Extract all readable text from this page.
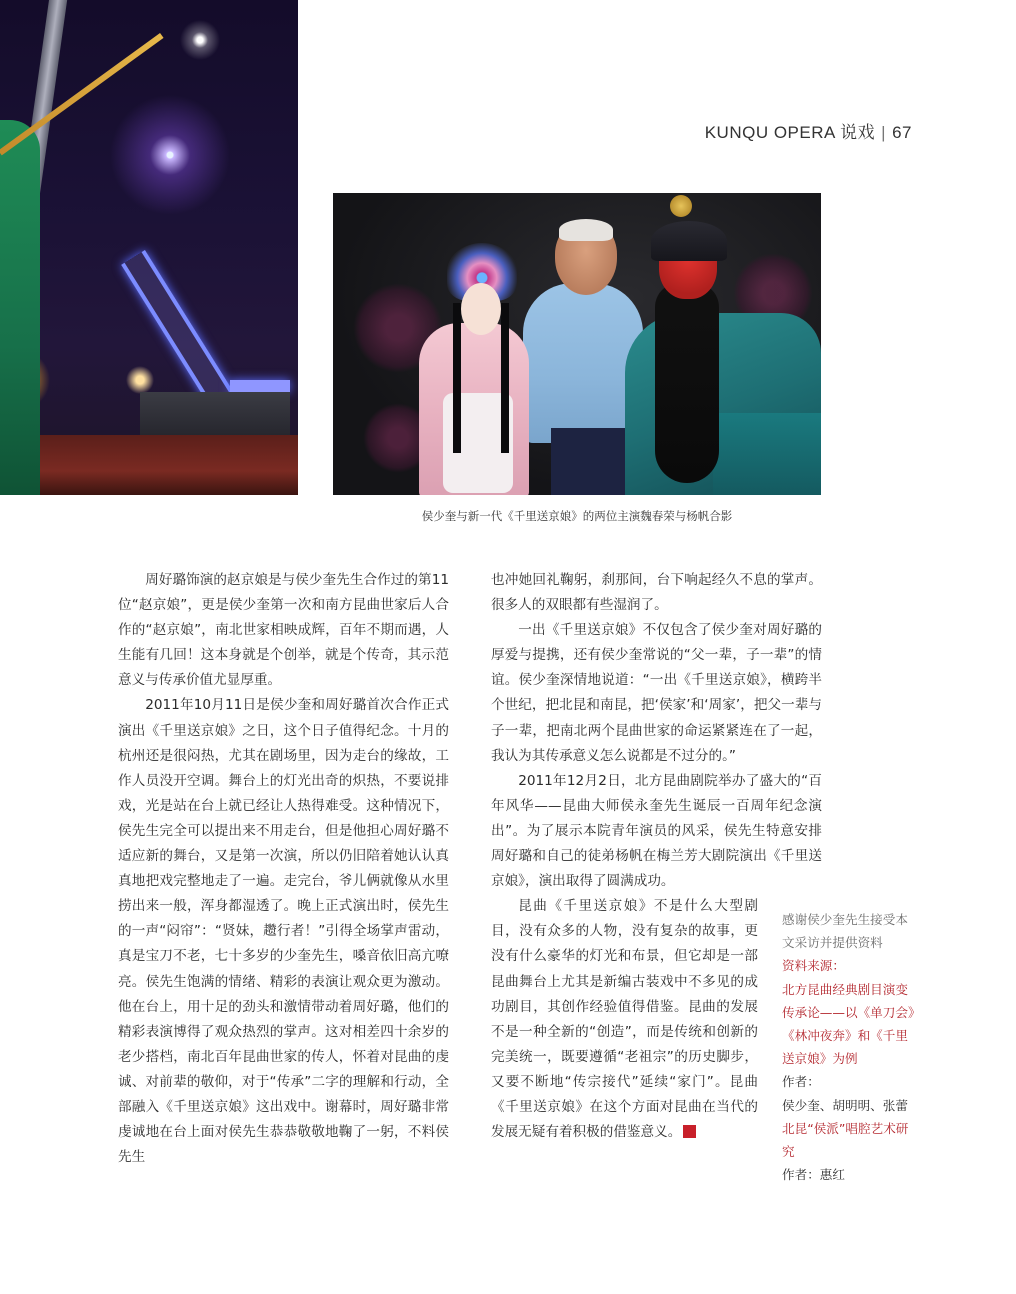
KUNQU OPERA 说戏 | 67
侯少奎与新一代《千里送京娘》的两位主演魏春荣与杨帆合影

周好璐饰演的赵京娘是与侯少奎先生合作过的第11位“赵京娘”，更是侯少奎第一次和南方昆曲世家后人合作的“赵京娘”，南北世家相映成辉，百年不期而遇，人生能有几回！这本身就是个创举，就是个传奇，其示范意义与传承价值尤显厚重。

2011年10月11日是侯少奎和周好璐首次合作正式演出《千里送京娘》之日，这个日子值得纪念。十月的杭州还是很闷热，尤其在剧场里，因为走台的缘故，工作人员没开空调。舞台上的灯光出奇的炽热，不要说排戏，光是站在台上就已经让人热得难受。这种情况下，侯先生完全可以提出来不用走台，但是他担心周好璐不适应新的舞台，又是第一次演，所以仍旧陪着她认认真真地把戏完整地走了一遍。走完台，爷儿俩就像从水里捞出来一般，浑身都湿透了。晚上正式演出时，侯先生的一声“闷帘”：“贤妹，趱行者！”引得全场掌声雷动，真是宝刀不老，七十多岁的少奎先生，嗓音依旧高亢嘹亮。侯先生饱满的情绪、精彩的表演让观众更为激动。他在台上，用十足的劲头和激情带动着周好璐，他们的精彩表演博得了观众热烈的掌声。这对相差四十余岁的老少搭档，南北百年昆曲世家的传人，怀着对昆曲的虔诚、对前辈的敬仰，对于“传承”二字的理解和行动，全部融入《千里送京娘》这出戏中。谢幕时，周好璐非常虔诚地在台上面对侯先生恭恭敬敬地鞠了一躬，不料侯先生

也冲她回礼鞠躬，刹那间，台下响起经久不息的掌声。很多人的双眼都有些湿润了。

一出《千里送京娘》不仅包含了侯少奎对周好璐的厚爱与提携，还有侯少奎常说的“父一辈，子一辈”的情谊。侯少奎深情地说道：“一出《千里送京娘》，横跨半个世纪，把北昆和南昆，把‘侯家’和‘周家’，把父一辈与子一辈，把南北两个昆曲世家的命运紧紧连在了一起，我认为其传承意义怎么说都是不过分的。”

2011年12月2日，北方昆曲剧院举办了盛大的“百年风华——昆曲大师侯永奎先生诞辰一百周年纪念演出”。为了展示本院青年演员的风采，侯先生特意安排周好璐和自己的徒弟杨帆在梅兰芳大剧院演出《千里送京娘》，演出取得了圆满成功。

昆曲《千里送京娘》不是什么大型剧目，没有众多的人物，没有复杂的故事，更没有什么豪华的灯光和布景，但它却是一部昆曲舞台上尤其是新编古装戏中不多见的成功剧目，其创作经验值得借鉴。昆曲的发展不是一种全新的“创造”，而是传统和创新的完美统一，既要遵循“老祖宗”的历史脚步，又要不断地“传宗接代”延续“家门”。昆曲《千里送京娘》在这个方面对昆曲在当代的发展无疑有着积极的借鉴意义。

感谢侯少奎先生接受本文采访并提供资料
资料来源：
北方昆曲经典剧目演变传承论——以《单刀会》《林冲夜奔》和《千里送京娘》为例
作者：
侯少奎、胡明明、张蕾
北昆“侯派”唱腔艺术研究
作者：惠红
